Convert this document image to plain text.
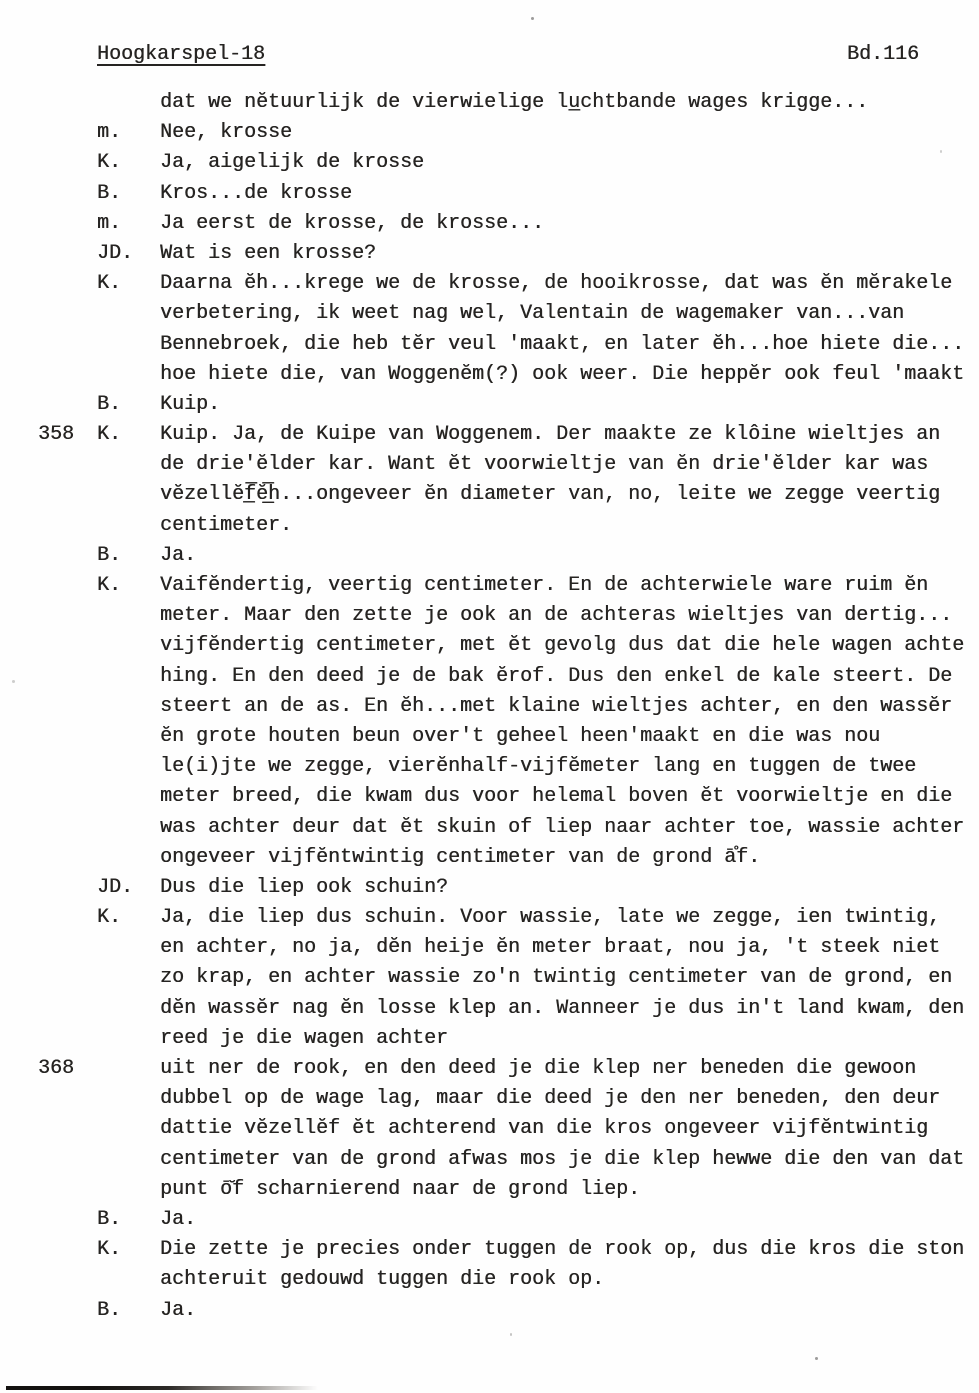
Hoogkarspel-18	Bd.116
dat we nĕtuurlijk de vierwielige lu̲chtbande wages krigge...
m.	Nee, krosse
K.	Ja, aigelijk de krosse
B.	Kros...de krosse
m.	Ja eerst de krosse, de krosse...
JD.	Wat is een krosse?
K.	Daarna ĕh...krege we de krosse, de hooikrosse, dat was ĕn mĕrakele
verbetering, ik weet nag wel, Valentain de wagemaker van...van
Bennebroek, die heb tĕr veul 'maakt, en later ĕh...hoe hiete die...
hoe hiete die, van Woggenĕm(?) ook weer. Die heppĕr ook feul 'maakt
B.	Kuip.
358	K.	Kuip. Ja, de Kuipe van Woggenem. Der maakte ze klôine wieltjes an
de drie'ĕlder kar. Want ĕt voorwieltje van ĕn drie'ĕlder kar was
vĕzellĕf̲̅ĕ̲̅h...ongeveer ĕn diameter van, no, leite we zegge veertig
centimeter.
B.	Ja.
K.	Vaifĕndertig, veertig centimeter. En de achterwiele ware ruim ĕn
meter. Maar den zette je ook an de achteras wieltjes van dertig...
vijfĕndertig centimeter, met ĕt gevolg dus dat die hele wagen achte
hing. En den deed je de bak ĕrof. Dus den enkel de kale steert. De
steert an de as. En ĕh...met klaine wieltjes achter, en den wassĕr
ĕn grote houten beun over't geheel heen'maakt en die was nou
le(i)jte we zegge, vierĕnhalf-vijfĕmeter lang en tuggen de twee
meter breed, die kwam dus voor helemal boven ĕt voorwieltje en die
was achter deur dat ĕt skuin of liep naar achter toe, wassie achter
ongeveer vijfĕntwintig centimeter van de grond ā̊f.
JD.	Dus die liep ook schuin?
K.	Ja, die liep dus schuin. Voor wassie, late we zegge, ien twintig,
en achter, no ja, dĕn heije ĕn meter braat, nou ja, 't steek niet
zo krap, en achter wassie zo'n twintig centimeter van de grond, en
dĕn wassĕr nag ĕn losse klep an. Wanneer je dus in't land kwam, den
reed je die wagen achter
368	uit ner de rook, en den deed je die klep ner beneden die gewoon
dubbel op de wage lag, maar die deed je den ner beneden, den deur
dattie vĕzellĕf ĕt achterend van die kros ongeveer vijfĕntwintig
centimeter van de grond afwas mos je die klep hewwe die den van dat
punt ō̆f scharnierend naar de grond liep.
B.	Ja.
K.	Die zette je precies onder tuggen de rook op, dus die kros die ston
achteruit gedouwd tuggen die rook op.
B.	Ja.
